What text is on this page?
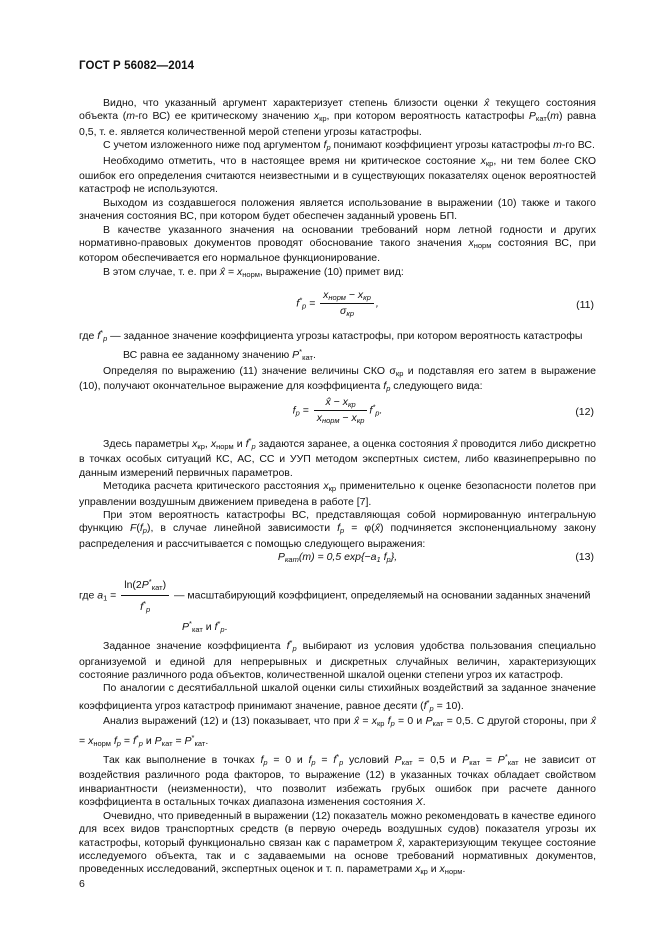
ГОСТ Р 56082—2014

Видно, что указанный аргумент характеризует степень близости оценки x̂ текущего состояния объекта (m-го ВС) ее критическому значению $x_{кр}$, при котором вероятность катастрофы $P_{кат}(m)$ равна 0,5, т. е. является количественной мерой степени угрозы катастрофы.

С учетом изложенного ниже под аргументом $f_p$ понимают коэффициент угрозы катастрофы m-го ВС.

Необходимо отметить, что в настоящее время ни критическое состояние $x_{кр}$, ни тем более СКО ошибок его определения считаются неизвестными и в существующих показателях оценок вероятностей катастроф не используются.

Выходом из создавшегося положения является использование в выражении (10) также и такого значения состояния ВС, при котором будет обеспечен заданный уровень БП.

В качестве указанного значения на основании требований норм летной годности и других нормативно-правовых документов проводят обоснование такого значения $x_{норм}$ состояния ВС, при котором обеспечивается его нормальное функционирование.

В этом случае, т. е. при x̂ = $x_{норм}$, выражение (10) примет вид:

$f^*_p = \frac{x_{норм} - x_{кр}}{\sigma_{кр}}$ ,	(11)

где $f^*_p$ — заданное значение коэффициента угрозы катастрофы, при котором вероятность катастрофы
ВС равна ее заданному значению $P^*_{кат}$.

Определяя по выражению (11) значение величины СКО $\sigma_{кр}$ и подставляя его затем в выражение (10), получают окончательное выражение для коэффициента $f_p$ следующего вида:

$f_p = \frac{x̂ - x_{кр}}{x_{норм} - x_{кр}} f^*_p$.	(12)

Здесь параметры $x_{кр}$, $x_{норм}$ и $f^*_p$ задаются заранее, а оценка состояния x̂ проводится либо дискретно в точках особых ситуаций КС, АС, СС и УУП методом экспертных систем, либо квазинепрерывно по данным измерений первичных параметров.

Методика расчета критического расстояния $x_{кр}$ применительно к оценке безопасности полетов при управлении воздушным движением приведена в работе [7].

При этом вероятность катастрофы ВС, представляющая собой нормированную интегральную функцию $F(f_p)$, в случае линейной зависимости $f_p$ = φ(x̂) подчиняется экспоненциальному закону распределения и рассчитывается с помощью следующего выражения:

$P_{кат}(m) = 0,5$ $\exp\{-a_1$ $f_p$},	(13)

где $a_1 = \frac{\ln(2P^*_{кат})}{f^*_p}$ — масштабирующий коэффициент, определяемый на основании заданных значений
$P^*_{кат}$ и $f^*_p$.

Заданное значение коэффициента $f^*_p$ выбирают из условия удобства пользования специально организуемой и единой для непрерывных и дискретных случайных величин, характеризующих состояние различного рода объектов, количественной шкалой оценки степени угроз их катастроф.

По аналогии с десятибалльной шкалой оценки силы стихийных воздействий за заданное значение коэффициента угроз катастроф принимают значение, равное десяти $(f^*_p = 10)$.

Анализ выражений (12) и (13) показывает, что при x̂ = $x_{кр}$ $f_p = 0$ и $P_{кат} = 0,5$. С другой стороны, при x̂ = $x_{норм}$ $f_p = f^*_p$ и $P_{кат} = P^*_{кат}$.

Так как выполнение в точках $f_p = 0$ и $f_p = f^*_p$ условий $P_{кат} = 0,5$ и $P_{кат} = P^*_{кат}$ не зависит от воздействия различного рода факторов, то выражение (12) в указанных точках обладает свойством инвариантности (неизменности), что позволит избежать грубых ошибок при расчете данного коэффициента в остальных точках диапазона изменения состояния X.

Очевидно, что приведенный в выражении (12) показатель можно рекомендовать в качестве единого для всех видов транспортных средств (в первую очередь воздушных судов) показателя угрозы их катастрофы, который функционально связан как с параметром x̂, характеризующим текущее состояние исследуемого объекта, так и с задаваемыми на основе требований нормативных документов, проведенных исследований, экспертных оценок и т. п. параметрами $x_{кр}$ и $x_{норм}$.

6
